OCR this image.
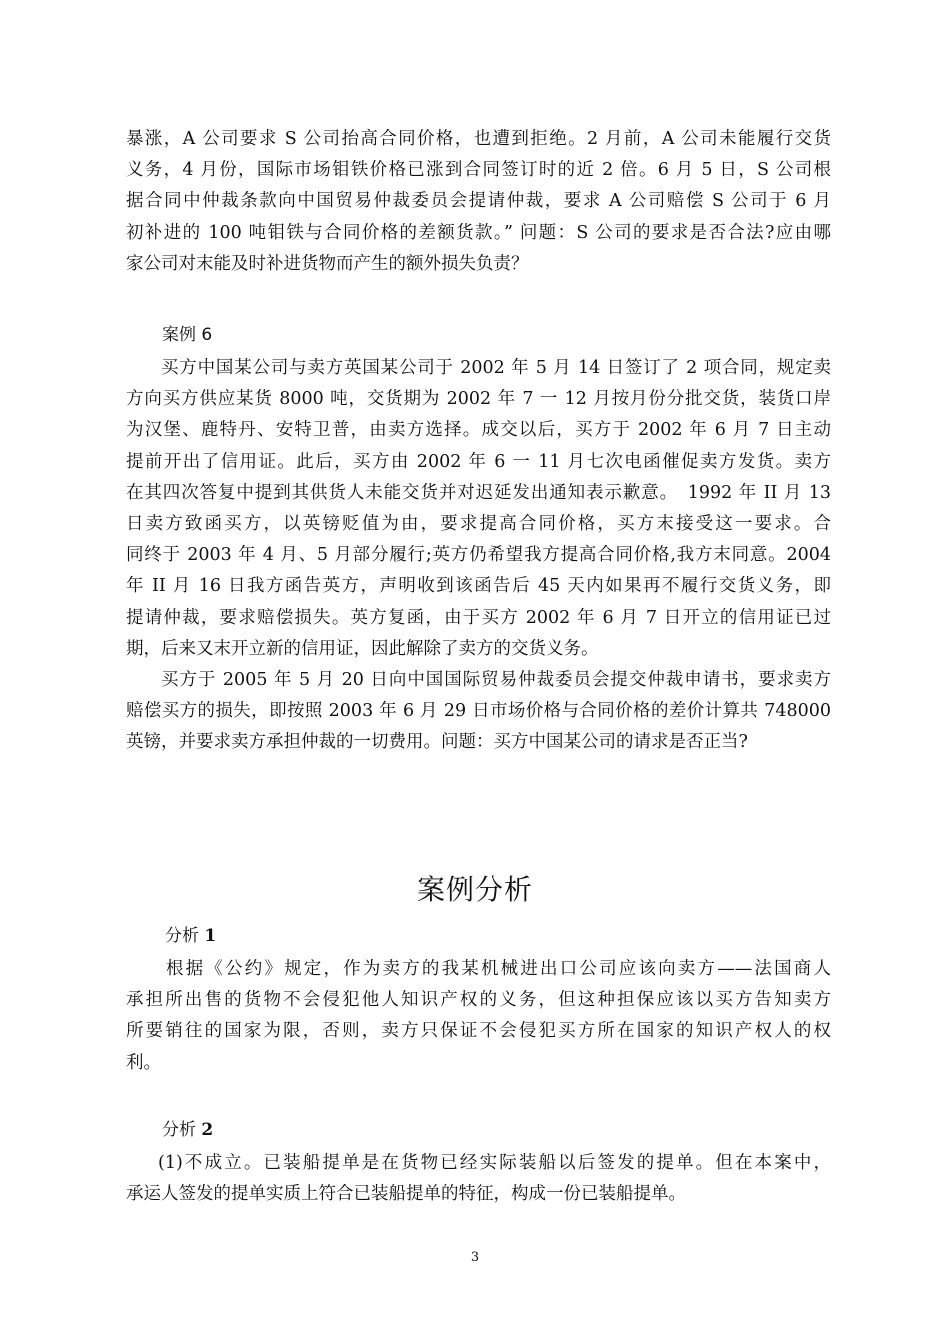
暴涨，A 公司要求 S 公司抬高合同价格，也遭到拒绝。2 月前，A 公司未能履行交货
义务，4 月份，国际市场钼铁价格已涨到合同签订时的近 2 倍。6 月 5 日，S 公司根
据合同中仲裁条款向中国贸易仲裁委员会提请仲裁，要求 A 公司赔偿 S 公司于 6 月
初补进的 100 吨钼铁与合同价格的差额货款。” 问题：S 公司的要求是否合法?应由哪
家公司对末能及时补进货物而产生的额外损失负责？
案例 6
买方中国某公司与卖方英国某公司于 2002 年 5 月 14 日签订了 2 项合同，规定卖
方向买方供应某货 8000 吨，交货期为 2002 年 7 一 12 月按月份分批交货，装货口岸
为汉堡、鹿特丹、安特卫普，由卖方选择。成交以后，买方于 2002 年 6 月 7 日主动
提前开出了信用证。此后，买方由 2002 年 6 一 11 月七次电函催促卖方发货。卖方
在其四次答复中提到其供货人未能交货并对迟延发出通知表示歉意。　1992 年 II 月 13
日卖方致函买方，以英镑贬值为由，要求提高合同价格，买方末接受这一要求。合
同终于 2003 年 4 月、5 月部分履行;英方仍希望我方提高合同价格,我方末同意。2004
年 II 月 16 日我方函告英方，声明收到该函告后 45 天内如果再不履行交货义务，即
提请仲裁，要求赔偿损失。英方复函，由于买方 2002 年 6 月 7 日开立的信用证已过
期，后来又末开立新的信用证，因此解除了卖方的交货义务。
买方于 2005 年 5 月 20 日向中国国际贸易仲裁委员会提交仲裁申请书，要求卖方
赔偿买方的损失，即按照 2003 年 6 月 29 日市场价格与合同价格的差价计算共 748000
英镑，并要求卖方承担仲裁的一切费用。问题：买方中国某公司的请求是否正当?
案例分析
分析 1
根据《公约》规定，作为卖方的我某机械进出口公司应该向卖方——法国商人
承担所出售的货物不会侵犯他人知识产权的义务，但这种担保应该以买方告知卖方
所要销往的国家为限，否则，卖方只保证不会侵犯买方所在国家的知识产权人的权
利。
分析 2
(1)不成立。已装船提单是在货物已经实际装船以后签发的提单。但在本案中，
承运人签发的提单实质上符合已装船提单的特征，构成一份已装船提单。
3
